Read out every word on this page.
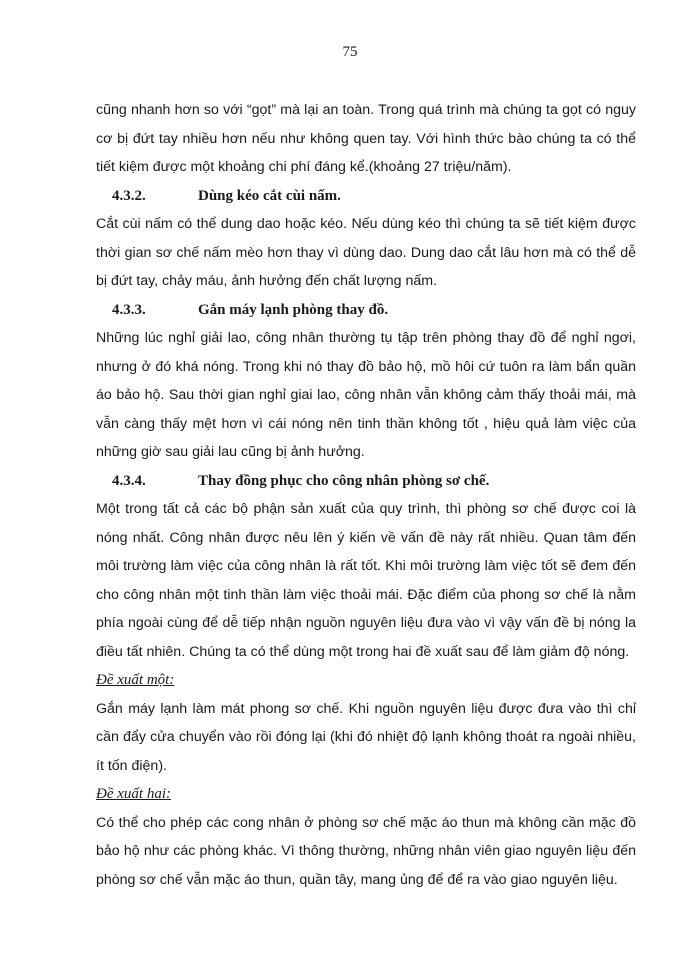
75

cũng nhanh hơn so với “gọt” mà lại an toàn. Trong quá trình mà chúng ta gọt có nguy cơ bị đứt tay nhiều hơn nếu như không quen tay. Với hình thức bào chúng ta có thể tiết kiệm được một khoảng chi phí đáng kể.(khoảng 27 triệu/năm).

4.3.2.	Dùng kéo cắt cùi nấm.

Cắt cùi nấm có thể dung dao hoặc kéo. Nếu dùng kéo thì chúng ta sẽ tiết kiệm được thời gian sơ chế nấm mèo hơn thay vì dùng dao. Dung dao cắt lâu hơn mà có thể dễ bị đứt tay, chảy máu, ảnh hưởng đến chất lượng nấm.

4.3.3.	Gắn máy lạnh phòng thay đồ.

Những lúc nghỉ giải lao, công nhân thường tụ tập trên phòng thay đồ để nghỉ ngơi, nhưng ở đó khá nóng. Trong khi nó thay đồ bảo hộ, mồ hôi cứ tuôn ra làm bẩn quần áo bảo hộ. Sau thời gian nghỉ giai lao, công nhân vẫn không cảm thấy thoải mái, mà vẫn càng thấy mệt hơn vì cái nóng nên tinh thần không tốt , hiệu quả làm việc của những giờ sau giải lau cũng bị ảnh hưởng.

4.3.4.	Thay đồng phục cho công nhân phòng sơ chế.

Một trong tất cả các bộ phận sản xuất của quy trình, thì phòng sơ chế được coi là nóng nhất. Công nhân được nêu lên ý kiến về vấn đề này rất nhiều. Quan tâm đến môi trường làm việc của công nhân là rất tốt. Khi môi trường làm việc tốt sẽ đem đến cho công nhân một tinh thần làm việc thoải mái. Đặc điểm của phong sơ chế là nằm phía ngoài cùng để dễ tiếp nhận nguồn nguyên liệu đưa vào vì vậy vấn đề bị nóng la điều tất nhiên. Chúng ta có thể dùng một trong hai đề xuất sau để làm giảm độ nóng.

Đề xuất một:

Gắn máy lạnh làm mát phong sơ chế. Khi nguồn nguyên liệu được đưa vào thì chỉ cần đẩy cửa chuyển vào rồi đóng lại (khi đó nhiệt độ lạnh không thoát ra ngoài nhiều, ít tốn điện).

Đề xuất hai:

Có thể cho phép các cong nhân ở phòng sơ chế mặc áo thun mà không cần mặc đồ bảo hộ như các phòng khác. Vì thông thường, những nhân viên giao nguyên liệu đến phòng sơ chế vẫn mặc áo thun, quần tây, mang ủng để để ra vào giao nguyên liệu.
